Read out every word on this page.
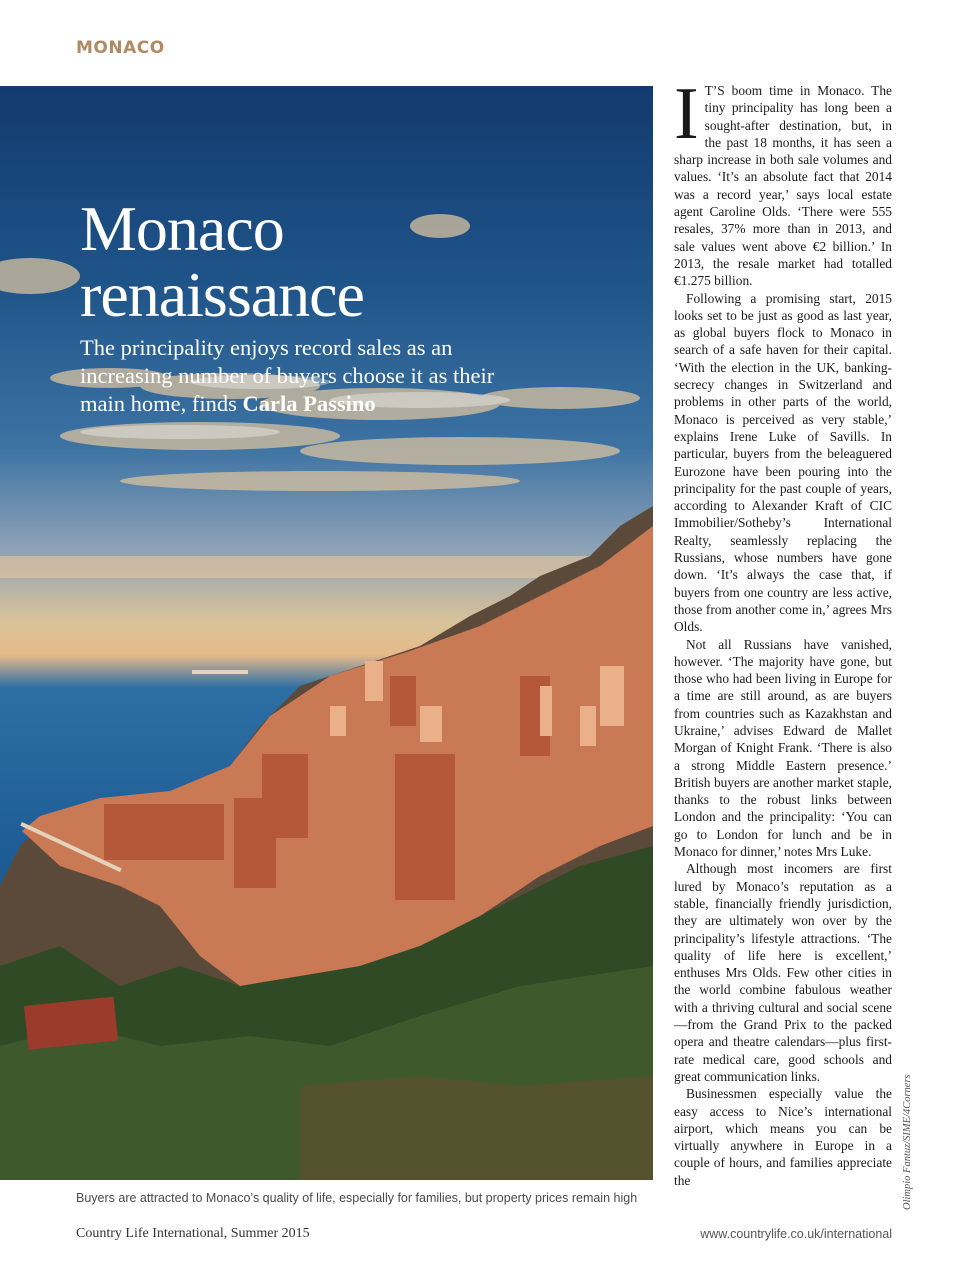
MONACO
Monaco
renaissance

The principality enjoys record sales as an increasing number of buyers choose it as their main home, finds Carla Passino

Buyers are attracted to Monaco’s quality of life, especially for families, but property prices remain high

I T’S boom time in Monaco. The tiny principality has long been a sought-after destination, but, in the past 18 months, it has seen a sharp increase in both sale volumes and values. ‘It’s an absolute fact that 2014 was a record year,’ says local estate agent Caroline Olds. ‘There were 555 resales, 37% more than in 2013, and sale values went above €2 billion.’ In 2013, the resale market had totalled €1.275 billion.

Following a promising start, 2015 looks set to be just as good as last year, as global buyers flock to Monaco in search of a safe haven for their capital. ‘With the election in the UK, banking-secrecy changes in Switzerland and problems in other parts of the world, Monaco is perceived as very stable,’ explains Irene Luke of Savills. In particular, buyers from the beleaguered Eurozone have been pouring into the principality for the past couple of years, according to Alexander Kraft of CIC Immobilier/Sotheby’s International Realty, seamlessly replacing the Russians, whose numbers have gone down. ‘It’s always the case that, if buyers from one country are less active, those from another come in,’ agrees Mrs Olds.

Not all Russians have vanished, however. ‘The majority have gone, but those who had been living in Europe for a time are still around, as are buyers from countries such as Kazakhstan and Ukraine,’ advises Edward de Mallet Morgan of Knight Frank. ‘There is also a strong Middle Eastern presence.’ British buyers are another market staple, thanks to the robust links between London and the principality: ‘You can go to London for lunch and be in Monaco for dinner,’ notes Mrs Luke.

Although most incomers are first lured by Monaco’s reputation as a stable, financially friendly jurisdiction, they are ultimately won over by the principality’s lifestyle attractions. ‘The quality of life here is excellent,’ enthuses Mrs Olds. Few other cities in the world combine fabulous weather with a thriving cultural and social scene—from the Grand Prix to the packed opera and theatre calendars—plus first-rate medical care, good schools and great communication links.

Businessmen especially value the easy access to Nice’s international airport, which means you can be virtually anywhere in Europe in a couple of hours, and families appreciate the	Olimpio Fantuz/SIME/4Corners
Country Life International, Summer 2015	www.countrylife.co.uk/international
